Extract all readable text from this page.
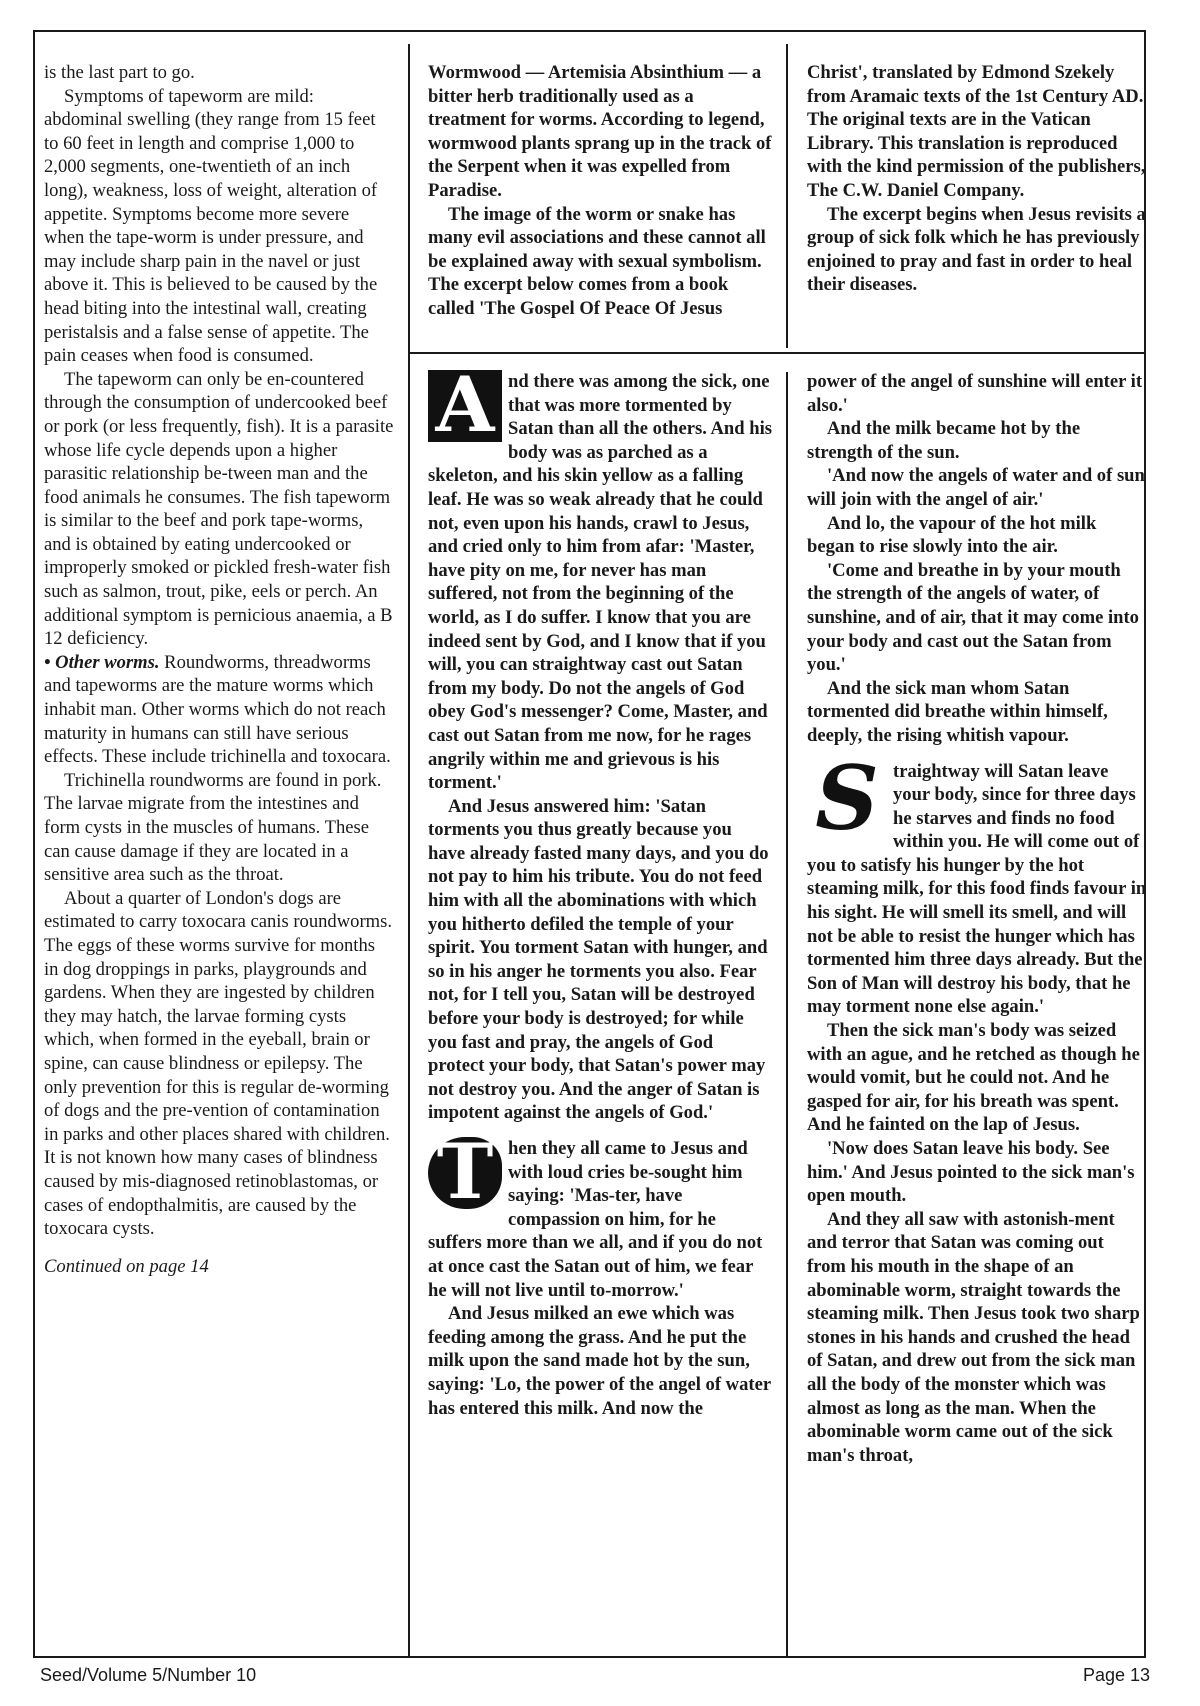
is the last part to go.

Symptoms of tapeworm are mild: abdominal swelling (they range from 15 feet to 60 feet in length and comprise 1,000 to 2,000 segments, one-twentieth of an inch long), weakness, loss of weight, alteration of appetite. Symptoms become more severe when the tape-worm is under pressure, and may include sharp pain in the navel or just above it. This is believed to be caused by the head biting into the intestinal wall, creating peristalsis and a false sense of appetite. The pain ceases when food is consumed.

The tapeworm can only be en-countered through the consumption of undercooked beef or pork (or less frequently, fish). It is a parasite whose life cycle depends upon a higher parasitic relationship be-tween man and the food animals he consumes. The fish tapeworm is similar to the beef and pork tape-worms, and is obtained by eating undercooked or improperly smoked or pickled fresh-water fish such as salmon, trout, pike, eels or perch. An additional symptom is pernicious anaemia, a B 12 deficiency.

• Other worms. Roundworms, threadworms and tapeworms are the mature worms which inhabit man. Other worms which do not reach maturity in humans can still have serious effects. These include trichinella and toxocara.

Trichinella roundworms are found in pork. The larvae migrate from the intestines and form cysts in the muscles of humans. These can cause damage if they are located in a sensitive area such as the throat.

About a quarter of London's dogs are estimated to carry toxocara canis roundworms. The eggs of these worms survive for months in dog droppings in parks, playgrounds and gardens. When they are ingested by children they may hatch, the larvae forming cysts which, when formed in the eyeball, brain or spine, can cause blindness or epilepsy. The only prevention for this is regular de-worming of dogs and the pre-vention of contamination in parks and other places shared with children. It is not known how many cases of blindness caused by mis-diagnosed retinoblastomas, or cases of endopthalmitis, are caused by the toxocara cysts.

Continued on page 14

Wormwood — Artemisia Absinthium — a bitter herb traditionally used as a treatment for worms. According to legend, wormwood plants sprang up in the track of the Serpent when it was expelled from Paradise.

The image of the worm or snake has many evil associations and these cannot all be explained away with sexual symbolism. The excerpt below comes from a book called 'The Gospel Of Peace Of Jesus

Christ', translated by Edmond Szekely from Aramaic texts of the 1st Century AD. The original texts are in the Vatican Library. This translation is reproduced with the kind permission of the publishers, The C.W. Daniel Company.

The excerpt begins when Jesus revisits a group of sick folk which he has previously enjoined to pray and fast in order to heal their diseases.

A nd there was among the sick, one that was more tormented by Satan than all the others. And his body was as parched as a skeleton, and his skin yellow as a falling leaf. He was so weak already that he could not, even upon his hands, crawl to Jesus, and cried only to him from afar: 'Master, have pity on me, for never has man suffered, not from the beginning of the world, as I do suffer. I know that you are indeed sent by God, and I know that if you will, you can straightway cast out Satan from my body. Do not the angels of God obey God's messenger? Come, Master, and cast out Satan from me now, for he rages angrily within me and grievous is his torment.'

And Jesus answered him: 'Satan torments you thus greatly because you have already fasted many days, and you do not pay to him his tribute. You do not feed him with all the abominations with which you hitherto defiled the temple of your spirit. You torment Satan with hunger, and so in his anger he torments you also. Fear not, for I tell you, Satan will be destroyed before your body is destroyed; for while you fast and pray, the angels of God protect your body, that Satan's power may not destroy you. And the anger of Satan is impotent against the angels of God.'

T hen they all came to Jesus and with loud cries be-sought him saying: 'Mas-ter, have compassion on him, for he suffers more than we all, and if you do not at once cast the Satan out of him, we fear he will not live until to-morrow.'

And Jesus milked an ewe which was feeding among the grass. And he put the milk upon the sand made hot by the sun, saying: 'Lo, the power of the angel of water has entered this milk. And now the

power of the angel of sunshine will enter it also.'

And the milk became hot by the strength of the sun.

'And now the angels of water and of sun will join with the angel of air.'

And lo, the vapour of the hot milk began to rise slowly into the air.

'Come and breathe in by your mouth the strength of the angels of water, of sunshine, and of air, that it may come into your body and cast out the Satan from you.'

And the sick man whom Satan tormented did breathe within himself, deeply, the rising whitish vapour.

S traightway will Satan leave your body, since for three days he starves and finds no food within you. He will come out of you to satisfy his hunger by the hot steaming milk, for this food finds favour in his sight. He will smell its smell, and will not be able to resist the hunger which has tormented him three days already. But the Son of Man will destroy his body, that he may torment none else again.'

Then the sick man's body was seized with an ague, and he retched as though he would vomit, but he could not. And he gasped for air, for his breath was spent. And he fainted on the lap of Jesus.

'Now does Satan leave his body. See him.' And Jesus pointed to the sick man's open mouth.

And they all saw with astonish-ment and terror that Satan was coming out from his mouth in the shape of an abominable worm, straight towards the steaming milk. Then Jesus took two sharp stones in his hands and crushed the head of Satan, and drew out from the sick man all the body of the monster which was almost as long as the man. When the abominable worm came out of the sick man's throat,

Seed/Volume 5/Number 10	Page 13
